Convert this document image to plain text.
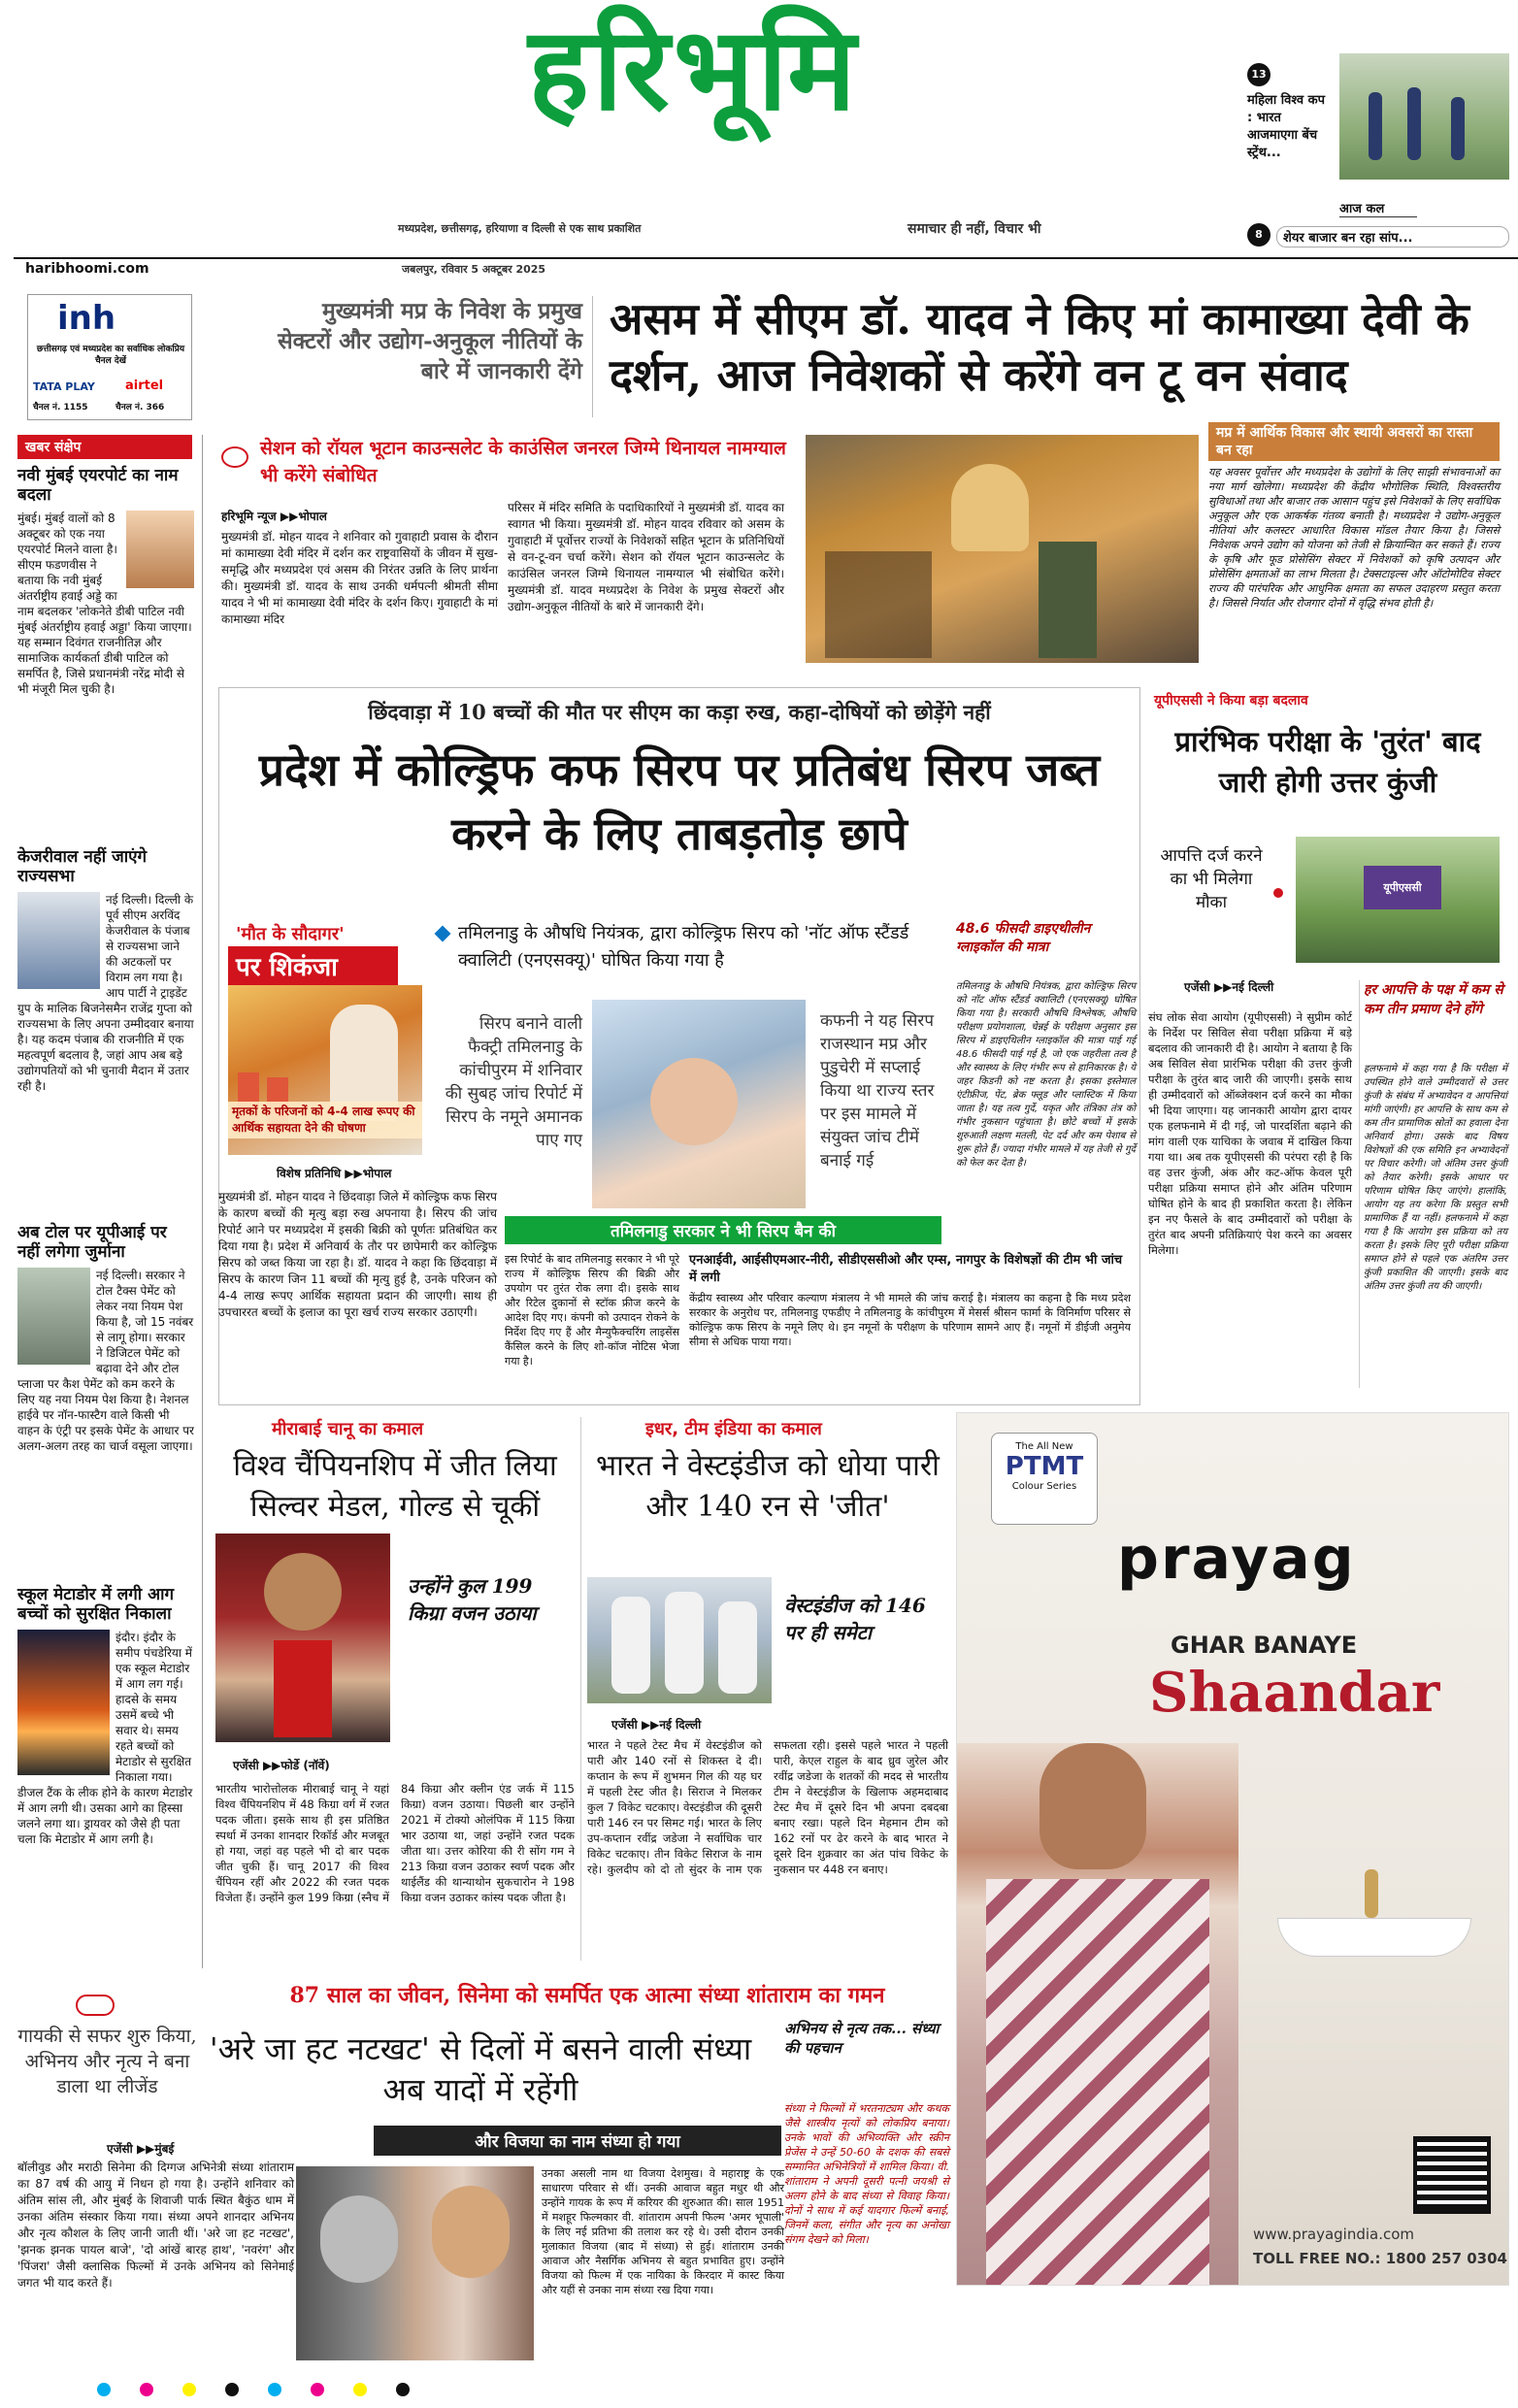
हरिभूमि
मध्यप्रदेश, छत्तीसगढ़, हरियाणा व दिल्ली से एक साथ प्रकाशित	समाचार ही नहीं, विचार भी
13
महिला विश्व कप : भारत आजमाएगा बेंच स्ट्रेंथ...
आज कल
8	शेयर बाजार बन रहा सांप...
haribhoomi.com	जबलपुर, रविवार 5 अक्टूबर 2025
inh
छत्तीसगढ़ एवं मध्यप्रदेश का सर्वाधिक लोकप्रिय चैनल देखें
TATA PLAY airtel
चैनल नं. 1155	चैनल नं. 366
मुख्यमंत्री मप्र के निवेश के प्रमुख सेक्टरों और उद्योग-अनुकूल नीतियों के बारे में जानकारी देंगे
असम में सीएम डॉ. यादव ने किए मां कामाख्या देवी के दर्शन, आज निवेशकों से करेंगे वन टू वन संवाद
सेशन को रॉयल भूटान काउन्सलेट के काउंसिल जनरल जिग्मे थिनायल नामग्याल भी करेंगे संबोधित
हरिभूमि न्यूज ▶▶भोपाल
मुख्यमंत्री डॉ. मोहन यादव ने शनिवार को गुवाहाटी प्रवास के दौरान मां कामाख्या देवी मंदिर में दर्शन कर राष्ट्रवासियों के जीवन में सुख-समृद्धि और मध्यप्रदेश एवं असम की निरंतर उन्नति के लिए प्रार्थना की। मुख्यमंत्री डॉ. यादव के साथ उनकी धर्मपत्नी श्रीमती सीमा यादव ने भी मां कामाख्या देवी मंदिर के दर्शन किए। गुवाहाटी के मां कामाख्या मंदिर
परिसर में मंदिर समिति के पदाधिकारियों ने मुख्यमंत्री डॉ. यादव का स्वागत भी किया। मुख्यमंत्री डॉ. मोहन यादव रविवार को असम के गुवाहाटी में पूर्वोत्तर राज्यों के निवेशकों सहित भूटान के प्रतिनिधियों से वन-टू-वन चर्चा करेंगे। सेशन को रॉयल भूटान काउन्सलेट के काउंसिल जनरल जिग्मे थिनायल नामग्याल भी संबोधित करेंगे। मुख्यमंत्री डॉ. यादव मध्यप्रदेश के निवेश के प्रमुख सेक्टरों और उद्योग-अनुकूल नीतियों के बारे में जानकारी देंगे।
मप्र में आर्थिक विकास और स्थायी अवसरों का रास्ता बन रहा
यह अवसर पूर्वोत्तर और मध्यप्रदेश के उद्योगों के लिए साझी संभावनाओं का नया मार्ग खोलेगा। मध्यप्रदेश की केंद्रीय भौगोलिक स्थिति, विश्वस्तरीय सुविधाओं तथा और बाजार तक आसान पहुंच इसे निवेशकों के लिए सर्वाधिक अनुकूल और एक आकर्षक गंतव्य बनाती है। मध्यप्रदेश ने उद्योग-अनुकूल नीतियां और कलस्टर आधारित विकास मॉडल तैयार किया है। जिससे निवेशक अपने उद्योग को योजना को तेजी से क्रियान्वित कर सकते हैं। राज्य के कृषि और फूड प्रोसेसिंग सेक्टर में निवेशकों को कृषि उत्पादन और प्रोसेसिंग क्षमताओं का लाभ मिलता है। टेक्सटाइल्स और ऑटोमोटिव सेक्टर राज्य की पारंपरिक और आधुनिक क्षमता का सफल उदाहरण प्रस्तुत करता है। जिससे निर्यात और रोजगार दोनों में वृद्धि संभव होती है।
खबर संक्षेप
नवी मुंबई एयरपोर्ट का नाम बदला
मुंबई। मुंबई वालों को 8 अक्टूबर को एक नया एयरपोर्ट मिलने वाला है। सीएम फडणवीस ने बताया कि नवी मुंबई अंतर्राष्ट्रीय हवाई अड्डे का नाम बदलकर 'लोकनेते डीबी पाटिल नवी मुंबई अंतर्राष्ट्रीय हवाई अड्डा' किया जाएगा। यह सम्मान दिवंगत राजनीतिज्ञ और सामाजिक कार्यकर्ता डीबी पाटिल को समर्पित है, जिसे प्रधानमंत्री नरेंद्र मोदी से भी मंजूरी मिल चुकी है।
केजरीवाल नहीं जाएंगे राज्यसभा
नई दिल्ली। दिल्ली के पूर्व सीएम अरविंद केजरीवाल के पंजाब से राज्यसभा जाने की अटकलों पर विराम लग गया है। आप पार्टी ने ट्राइडेंट ग्रुप के मालिक बिजनेसमैन राजेंद्र गुप्ता को राज्यसभा के लिए अपना उम्मीदवार बनाया है। यह कदम पंजाब की राजनीति में एक महत्वपूर्ण बदलाव है, जहां आप अब बड़े उद्योगपतियों को भी चुनावी मैदान में उतार रही है।
अब टोल पर यूपीआई पर नहीं लगेगा जुर्माना
नई दिल्ली। सरकार ने टोल टैक्स पेमेंट को लेकर नया नियम पेश किया है, जो 15 नवंबर से लागू होगा। सरकार ने डिजिटल पेमेंट को बढ़ावा देने और टोल प्लाजा पर कैश पेमेंट को कम करने के लिए यह नया नियम पेश किया है। नेशनल हाईवे पर नॉन-फास्टैग वाले किसी भी वाहन के एंट्री पर इसके पेमेंट के आधार पर अलग-अलग तरह का चार्ज वसूला जाएगा।
स्कूल मेटाडोर में लगी आग बच्चों को सुरक्षित निकाला
इंदौर। इंदौर के समीप पंचडेरिया में एक स्कूल मेटाडोर में आग लग गई। हादसे के समय उसमें बच्चे भी सवार थे। समय रहते बच्चों को मेटाडोर से सुरक्षित निकाला गया। डीजल टैंक के लीक होने के कारण मेटाडोर में आग लगी थी। उसका आगे का हिस्सा जलने लगा था। ड्रायवर को जैसे ही पता चला कि मेटाडोर में आग लगी है।
छिंदवाड़ा में 10 बच्चों की मौत पर सीएम का कड़ा रुख, कहा-दोषियों को छोड़ेंगे नहीं
प्रदेश में कोल्ड्रिफ कफ सिरप पर प्रतिबंध सिरप जब्त करने के लिए ताबड़तोड़ छापे
'मौत के सौदागर'
पर शिकंजा
मृतकों के परिजनों को 4-4 लाख रूपए की आर्थिक सहायता देने की घोषणा
विशेष प्रतिनिधि ▶▶भोपाल
मुख्यमंत्री डॉ. मोहन यादव ने छिंदवाड़ा जिले में कोल्ड्रिफ कफ सिरप के कारण बच्चों की मृत्यु बड़ा रुख अपनाया है। सिरप की जांच रिपोर्ट आने पर मध्यप्रदेश में इसकी बिक्री को पूर्णतः प्रतिबंधित कर दिया गया है। प्रदेश में अनिवार्य के तौर पर छापेमारी कर कोल्ड्रिफ सिरप को जब्त किया जा रहा है। डॉ. यादव ने कहा कि छिंदवाड़ा में सिरप के कारण जिन 11 बच्चों की मृत्यु हुई है, उनके परिजन को 4-4 लाख रूपए आर्थिक सहायता प्रदान की जाएगी। साथ ही उपचाररत बच्चों के इलाज का पूरा खर्च राज्य सरकार उठाएगी।
तमिलनाडु के औषधि नियंत्रक, द्वारा कोल्ड्रिफ सिरप को 'नॉट ऑफ स्टैंडर्ड क्वालिटी (एनएसक्यू)' घोषित किया गया है
सिरप बनाने वाली फैक्ट्री तमिलनाडु के कांचीपुरम में शनिवार की सुबह जांच रिपोर्ट में सिरप के नमूने अमानक पाए गए
कफनी ने यह सिरप राजस्थान मप्र और पुडुचेरी में सप्लाई किया था राज्य स्तर पर इस मामले में संयुक्त जांच टीमें बनाई गई
तमिलनाडु सरकार ने भी सिरप बैन की
इस रिपोर्ट के बाद तमिलनाडु सरकार ने भी पूरे राज्य में कोल्ड्रिफ सिरप की बिक्री और उपयोग पर तुरंत रोक लगा दी। इसके साथ और रिटेल दुकानों से स्टॉक फ्रीज करने के आदेश दिए गए। कंपनी को उत्पादन रोकने के निर्देश दिए गए हैं और मैन्युफैक्चरिंग लाइसेंस कैंसिल करने के लिए शो-कॉज नोटिस भेजा गया है।
एनआईवी, आईसीएमआर-नीरी, सीडीएससीओ और एम्स, नागपुर के विशेषज्ञों की टीम भी जांच में लगी
केंद्रीय स्वास्थ्य और परिवार कल्याण मंत्रालय ने भी मामले की जांच कराई है। मंत्रालय का कहना है कि मध्य प्रदेश सरकार के अनुरोध पर, तमिलनाडु एफडीए ने तमिलनाडु के कांचीपुरम में मेसर्स श्रीसन फार्मा के विनिर्माण परिसर से कोल्ड्रिफ कफ सिरप के नमूने लिए थे। इन नमूनों के परीक्षण के परिणाम सामने आए हैं। नमूनों में डीईजी अनुमेय सीमा से अधिक पाया गया।
48.6 फीसदी डाइएथीलीन ग्लाइकॉल की मात्रा
तमिलनाडु के औषधि नियंत्रक, द्वारा कोल्ड्रिफ सिरप को नॉट ऑफ स्टैंडर्ड क्वालिटी (एनएसक्यू) घोषित किया गया है। सरकारी औषधि विश्लेषक, औषधि परीक्षण प्रयोगशाला, चेन्नई के परीक्षण अनुसार इस सिरप में डाइएथिलीन ग्लाइकॉल की मात्रा पाई गई 48.6 फीसदी पाई गई है, जो एक जहरीला तत्व है और स्वास्थ्य के लिए गंभीर रूप से हानिकारक है। ये जहर किडनी को नष्ट करता है। इसका इस्तेमाल एंटीफ्रीज, पेंट, ब्रेक फ्लूड और प्लास्टिक में किया जाता है। यह तत्व गुर्दे, यकृत और तंत्रिका तंत्र को गंभीर नुकसान पहुंचाता है। छोटे बच्चों में इसके शुरुआती लक्षण मतली, पेट दर्द और कम पेशाब से शुरू होते हैं। ज्यादा गंभीर मामले में यह तेजी से गुर्दे को फेल कर देता है।
यूपीएससी ने किया बड़ा बदलाव
प्रारंभिक परीक्षा के 'तुरंत' बाद जारी होगी उत्तर कुंजी
आपत्ति दर्ज करने का भी मिलेगा मौका
यूपीएससी
एजेंसी ▶▶नई दिल्ली
संघ लोक सेवा आयोग (यूपीएससी) ने सुप्रीम कोर्ट के निर्देश पर सिविल सेवा परीक्षा प्रक्रिया में बड़े बदलाव की जानकारी दी है। आयोग ने बताया है कि अब सिविल सेवा प्रारंभिक परीक्षा की उत्तर कुंजी परीक्षा के तुरंत बाद जारी की जाएगी। इसके साथ ही उम्मीदवारों को ऑब्जेक्शन दर्ज करने का मौका भी दिया जाएगा। यह जानकारी आयोग द्वारा दायर एक हलफनामे में दी गई, जो पारदर्शिता बढ़ाने की मांग वाली एक याचिका के जवाब में दाखिल किया गया था। अब तक यूपीएससी की परंपरा रही है कि वह उत्तर कुंजी, अंक और कट-ऑफ केवल पूरी परीक्षा प्रक्रिया समाप्त होने और अंतिम परिणाम घोषित होने के बाद ही प्रकाशित करता है। लेकिन इन नए फैसले के बाद उम्मीदवारों को परीक्षा के तुरंत बाद अपनी प्रतिक्रियाएं पेश करने का अवसर मिलेगा।
हर आपत्ति के पक्ष में कम से कम तीन प्रमाण देने होंगे
हलफनामे में कहा गया है कि परीक्षा में उपस्थित होने वाले उम्मीदवारों से उत्तर कुंजी के संबंध में अभ्यावेदन व आपत्तियां मांगी जाएंगी। हर आपत्ति के साथ कम से कम तीन प्रामाणिक स्रोतों का हवाला देना अनिवार्य होगा। उसके बाद विषय विशेषज्ञों की एक समिति इन अभ्यावेदनों पर विचार करेगी। जो अंतिम उत्तर कुंजी को तैयार करेगी। इसके आधार पर परिणाम घोषित किए जाएंगे। हालांकि, आयोग यह तय करेगा कि प्रस्तुत सभी प्रामाणिक हैं या नहीं। हलफनामे में कहा गया है कि आयोग इस प्रक्रिया को तय करता है। इसके लिए पूरी परीक्षा प्रक्रिया समाप्त होने से पहले एक अंतरिम उत्तर कुंजी प्रकाशित की जाएगी। इसके बाद अंतिम उत्तर कुंजी तय की जाएगी।
मीराबाई चानू का कमाल
विश्व चैंपियनशिप में जीत लिया सिल्वर मेडल, गोल्ड से चूकीं
उन्होंने कुल 199 किग्रा वजन उठाया
एजेंसी ▶▶फोर्डे (नॉर्वे)
भारतीय भारोत्तोलक मीराबाई चानू ने यहां विश्व चैंपियनशिप में 48 किग्रा वर्ग में रजत पदक जीता। इसके साथ ही इस प्रतिष्ठित स्पर्धा में उनका शानदार रिकॉर्ड और मजबूत हो गया, जहां वह पहले भी दो बार पदक जीत चुकी हैं। चानू 2017 की विश्व चैंपियन रहीं और 2022 की रजत पदक विजेता हैं। उन्होंने कुल 199 किग्रा (स्नैच में 84 किग्रा और क्लीन एंड जर्क में 115 किग्रा) वजन उठाया। पिछली बार उन्होंने 2021 में टोक्यो ओलंपिक में 115 किग्रा भार उठाया था, जहां उन्होंने रजत पदक जीता था। उत्तर कोरिया की री सोंग गम ने 213 किग्रा वजन उठाकर स्वर्ण पदक और थाईलैंड की थान्याथोन सुकचारोन ने 198 किग्रा वजन उठाकर कांस्य पदक जीता है।
इधर, टीम इंडिया का कमाल
भारत ने वेस्टइंडीज को धोया पारी और 140 रन से 'जीत'
वेस्टइंडीज को 146 पर ही समेटा
एजेंसी ▶▶नई दिल्ली
भारत ने पहले टेस्ट मैच में वेस्टइंडीज को पारी और 140 रनों से शिकस्त दे दी। कप्तान के रूप में शुभमन गिल की यह घर में पहली टेस्ट जीत है। सिराज ने मिलकर कुल 7 विकेट चटकाए। वेस्टइंडीज की दूसरी पारी 146 रन पर सिमट गई। भारत के लिए उप-कप्तान रवींद्र जडेजा ने सर्वाधिक चार विकेट चटकाए। तीन विकेट सिराज के नाम रहे। कुलदीप को दो तो सुंदर के नाम एक सफलता रही। इससे पहले भारत ने पहली पारी, केएल राहुल के बाद ध्रुव जुरेल और रवींद्र जडेजा के शतकों की मदद से भारतीय टीम ने वेस्टइंडीज के खिलाफ अहमदाबाद टेस्ट मैच में दूसरे दिन भी अपना दबदबा बनाए रखा। पहले दिन मेहमान टीम को 162 रनों पर ढेर करने के बाद भारत ने दूसरे दिन शुक्रवार का अंत पांच विकेट के नुकसान पर 448 रन बनाए।
The All New
PTMT
Colour Series
prayag
GHAR BANAYE
Shaandar
www.prayagindia.com
TOLL FREE NO.: 1800 257 0304
87 साल का जीवन, सिनेमा को समर्पित एक आत्मा संध्या शांताराम का गमन
गायकी से सफर शुरु किया, अभिनय और नृत्य ने बना डाला था लीजेंड
एजेंसी ▶▶मुंबई
बॉलीवुड और मराठी सिनेमा की दिग्गज अभिनेत्री संध्या शांताराम का 87 वर्ष की आयु में निधन हो गया है। उन्होंने शनिवार को अंतिम सांस ली, और मुंबई के शिवाजी पार्क स्थित बैकुंठ धाम में उनका अंतिम संस्कार किया गया। संध्या अपने शानदार अभिनय और नृत्य कौशल के लिए जानी जाती थीं। 'अरे जा हट नटखट', 'झनक झनक पायल बाजे', 'दो आंखें बारह हाथ', 'नवरंग' और 'पिंजरा' जैसी क्लासिक फिल्मों में उनके अभिनय को सिनेमाई जगत भी याद करते हैं।
'अरे जा हट नटखट' से दिलों में बसने वाली संध्या अब यादों में रहेंगी
और विजया का नाम संध्या हो गया
उनका असली नाम था विजया देशमुख। वे महाराष्ट्र के एक साधारण परिवार से थीं। उनकी आवाज बहुत मधुर थी और उन्होंने गायक के रूप में करियर की शुरुआत की। साल 1951 में मशहूर फिल्मकार वी. शांताराम अपनी फिल्म 'अमर भूपाली' के लिए नई प्रतिभा की तलाश कर रहे थे। उसी दौरान उनकी मुलाकात विजया (बाद में संध्या) से हुई। शांताराम उनकी आवाज और नैसर्गिक अभिनय से बहुत प्रभावित हुए। उन्होंने विजया को फिल्म में एक नायिका के किरदार में कास्ट किया और यहीं से उनका नाम संध्या रख दिया गया।
अभिनय से नृत्य तक... संध्या की पहचान
संध्या ने फिल्मों में भरतनाट्यम और कथक जैसे शास्त्रीय नृत्यों को लोकप्रिय बनाया। उनके भावों की अभिव्यक्ति और स्क्रीन प्रेजेंस ने उन्हें 50-60 के दशक की सबसे सम्मानित अभिनेत्रियों में शामिल किया। वी. शांताराम ने अपनी दूसरी पत्नी जयश्री से अलग होने के बाद संध्या से विवाह किया। दोनों ने साथ में कई यादगार फिल्में बनाई, जिनमें कला, संगीत और नृत्य का अनोखा संगम देखने को मिला।
